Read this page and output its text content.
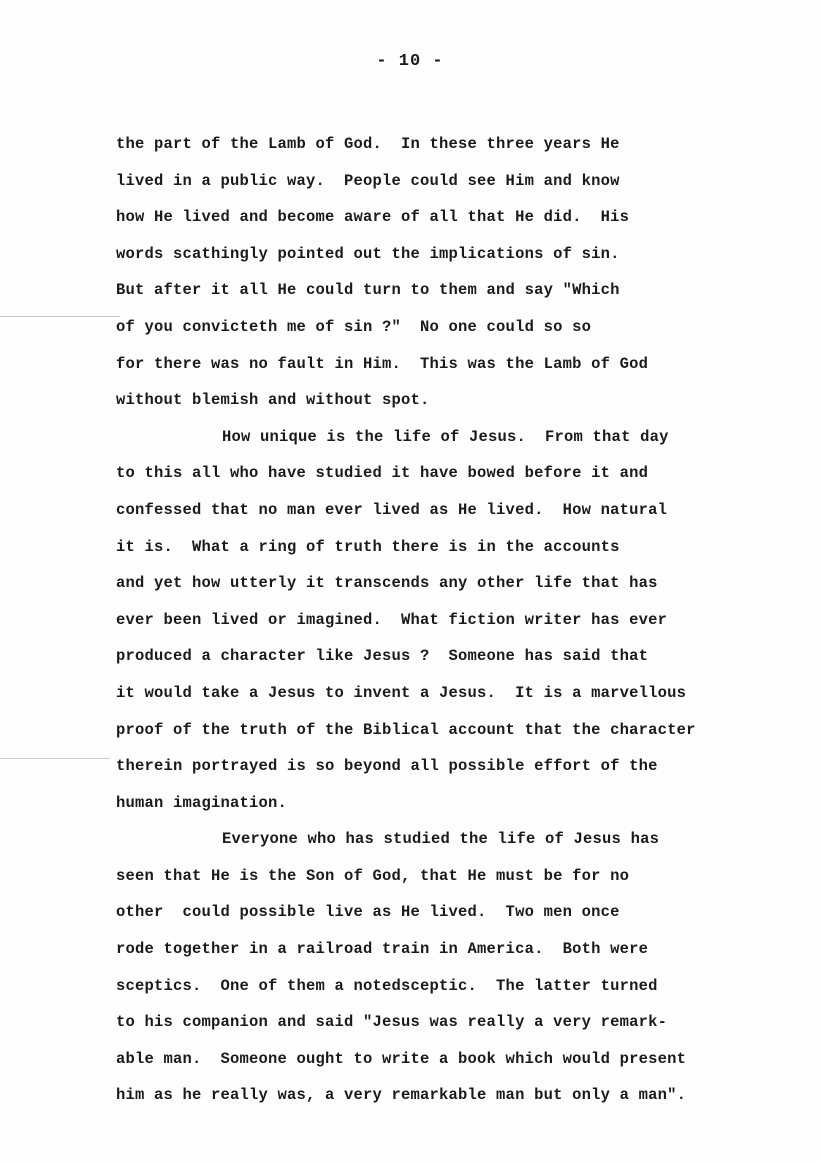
- 10 -
the part of the Lamb of God.  In these three years He
lived in a public way.  People could see Him and know
how He lived and become aware of all that He did.  His
words scathingly pointed out the implications of sin.
But after it all He could turn to them and say "Which
of you convicteth me of sin ?"  No one could so so
for there was no fault in Him.  This was the Lamb of God
without blemish and without spot.
How unique is the life of Jesus.  From that day
to this all who have studied it have bowed before it and
confessed that no man ever lived as He lived.  How natural
it is.  What a ring of truth there is in the accounts
and yet how utterly it transcends any other life that has
ever been lived or imagined.  What fiction writer has ever
produced a character like Jesus ?  Someone has said that
it would take a Jesus to invent a Jesus.  It is a marvellous
proof of the truth of the Biblical account that the character
therein portrayed is so beyond all possible effort of the
human imagination.
Everyone who has studied the life of Jesus has
seen that He is the Son of God, that He must be for no
other  could possible live as He lived.  Two men once
rode together in a railroad train in America.  Both were
sceptics.  One of them a notedsceptic.  The latter turned
to his companion and said "Jesus was really a very remark-
able man.  Someone ought to write a book which would present
him as he really was, a very remarkable man but only a man".
